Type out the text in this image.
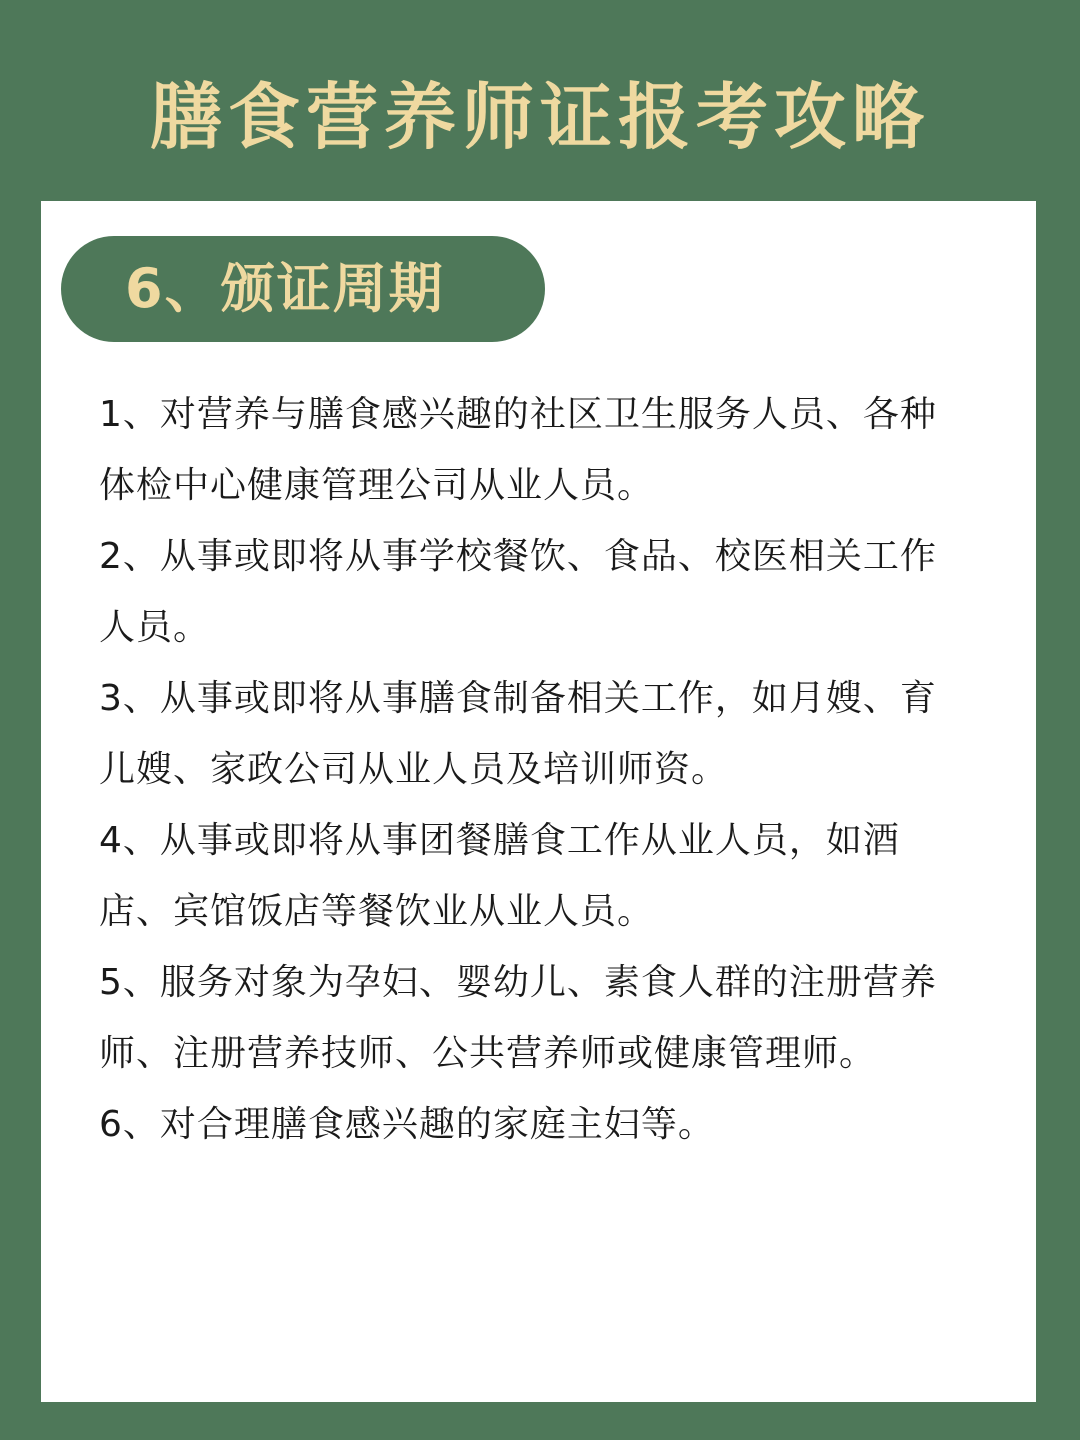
膳食营养师证报考攻略
6、颁证周期
1、对营养与膳食感兴趣的社区卫生服务人员、各种体检中心健康管理公司从业人员。
2、从事或即将从事学校餐饮、食品、校医相关工作人员。
3、从事或即将从事膳食制备相关工作，如月嫂、育儿嫂、家政公司从业人员及培训师资。
4、从事或即将从事团餐膳食工作从业人员，如酒店、宾馆饭店等餐饮业从业人员。
5、服务对象为孕妇、婴幼儿、素食人群的注册营养师、注册营养技师、公共营养师或健康管理师。
6、对合理膳食感兴趣的家庭主妇等。
